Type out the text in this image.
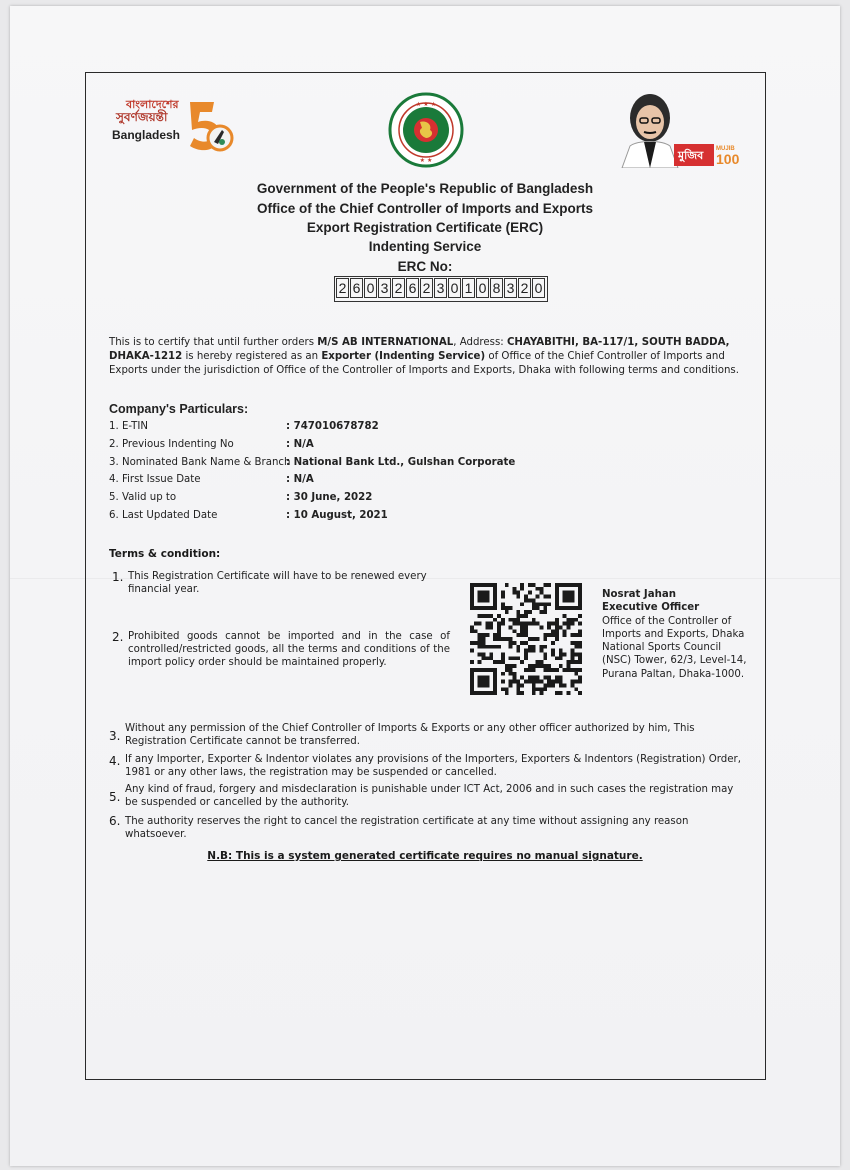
বাংলাদেশের
সুবর্ণজয়ন্তী
Bangladesh
★ ★ ★
★ ★	মুজিব MUJIB
100
Government of the People's Republic of Bangladesh
Office of the Chief Controller of Imports and Exports
Export Registration Certificate (ERC)
Indenting Service
ERC No:
2 6 0 3 2 6 2 3 0 1 0 8 3 2 0
This is to certify that until further orders M/S AB INTERNATIONAL, Address: CHAYABITHI, BA-117/1, SOUTH BADDA, DHAKA-1212 is hereby registered as an Exporter (Indenting Service) of Office of the Chief Controller of Imports and Exports under the jurisdiction of Office of the Controller of Imports and Exports, Dhaka with following terms and conditions.
Company's Particulars:
1. E-TIN	: 747010678782
2. Previous Indenting No	: N/A
3. Nominated Bank Name & Branch
: National Bank Ltd., Gulshan Corporate
4. First Issue Date	: N/A
5. Valid up to	: 30 June, 2022
6. Last Updated Date	: 10 August, 2021
Terms & condition:
1. This Registration Certificate will have to be renewed every financial year.
2. Prohibited goods cannot be imported and in the case of controlled/restricted goods, all the terms and conditions of the import policy order should be maintained properly.
3.
Without any permission of the Chief Controller of Imports & Exports or any other officer authorized by him, This Registration Certificate cannot be transferred.
4. If any Importer, Exporter & Indentor violates any provisions of the Importers, Exporters & Indentors (Registration) Order, 1981 or any other laws, the registration may be suspended or cancelled.
5.
Any kind of fraud, forgery and misdeclaration is punishable under ICT Act, 2006 and in such cases the registration may be suspended or cancelled by the authority.
6. The authority reserves the right to cancel the registration certificate at any time without assigning any reason whatsoever.
Nosrat Jahan
Executive Officer
Office of the Controller of Imports and Exports, Dhaka National Sports Council (NSC) Tower, 62/3, Level-14, Purana Paltan, Dhaka-1000.
N.B: This is a system generated certificate requires no manual signature.
